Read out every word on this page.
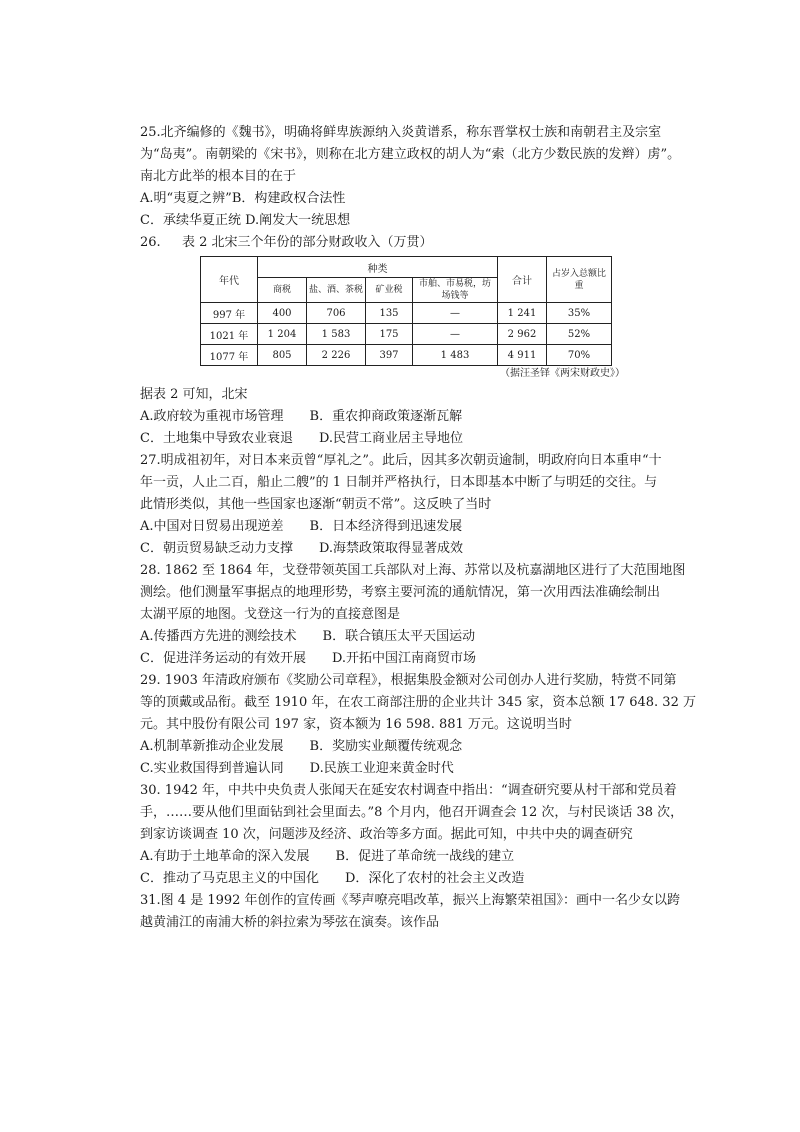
25.北齐编修的《魏书》，明确将鲜卑族源纳入炎黄谱系，称东晋掌权士族和南朝君主及宗室
为“岛夷”。南朝梁的《宋书》，则称在北方建立政权的胡人为“索（北方少数民族的发辫）虏”。
南北方此举的根本目的在于
A.明“夷夏之辨”B．构建政权合法性
C．承续华夏正统 D.阐发大一统思想
26. 表 2 北宋三个年份的部分财政收入（万贯）
年代	种类				合计	占岁入总额比重
	商税	盐、酒、茶税	矿业税	市舶、市易税，坊场钱等		
997 年	400	706	135	—	1 241	35%
1021 年	1 204	1 583	175	—	2 962	52%
1077 年	805	2 226	397	1 483	4 911	70%
（据汪圣铎《两宋财政史》）
据表 2 可知，北宋
A.政府较为重视市场管理 B．重农抑商政策逐渐瓦解
C．土地集中导致农业衰退 D.民营工商业居主导地位
27.明成祖初年，对日本来贡曾“厚礼之”。此后，因其多次朝贡逾制，明政府向日本重申“十
年一贡，人止二百，船止二艘”的 1 日制并严格执行，日本即基本中断了与明廷的交往。与
此情形类似，其他一些国家也逐渐“朝贡不常”。这反映了当时
A.中国对日贸易出现逆差 B．日本经济得到迅速发展
C．朝贡贸易缺乏动力支撑 D.海禁政策取得显著成效
28. 1862 至 1864 年，戈登带领英国工兵部队对上海、苏常以及杭嘉湖地区进行了大范围地图
测绘。他们测量军事据点的地理形势，考察主要河流的通航情况，第一次用西法准确绘制出
太湖平原的地图。戈登这一行为的直接意图是
A.传播西方先进的测绘技术 B．联合镇压太平天国运动
C．促进洋务运动的有效开展 D.开拓中国江南商贸市场
29. 1903 年清政府颁布《奖励公司章程》，根据集股金额对公司创办人进行奖励，特赏不同第
等的顶戴或品衔。截至 1910 年，在农工商部注册的企业共计 345 家，资本总额 17 648. 32 万
元。其中股份有限公司 197 家，资本额为 16 598. 881 万元。这说明当时
A.机制革新推动企业发展 B．奖励实业颠覆传统观念
C.实业救国得到普遍认同 D.民族工业迎来黄金时代
30. 1942 年，中共中央负责人张闻天在延安农村调查中指出：“调查研究要从村干部和党员着
手，……要从他们里面钻到社会里面去。”8 个月内，他召开调查会 12 次，与村民谈话 38 次，
到家访谈调查 10 次，问题涉及经济、政治等多方面。据此可知，中共中央的调查研究
A.有助于土地革命的深入发展 B．促进了革命统一战线的建立
C．推动了马克思主义的中国化 D．深化了农村的社会主义改造
31.图 4 是 1992 年创作的宣传画《琴声嘹亮唱改革，振兴上海繁荣祖国》：画中一名少女以跨
越黄浦江的南浦大桥的斜拉索为琴弦在演奏。该作品
